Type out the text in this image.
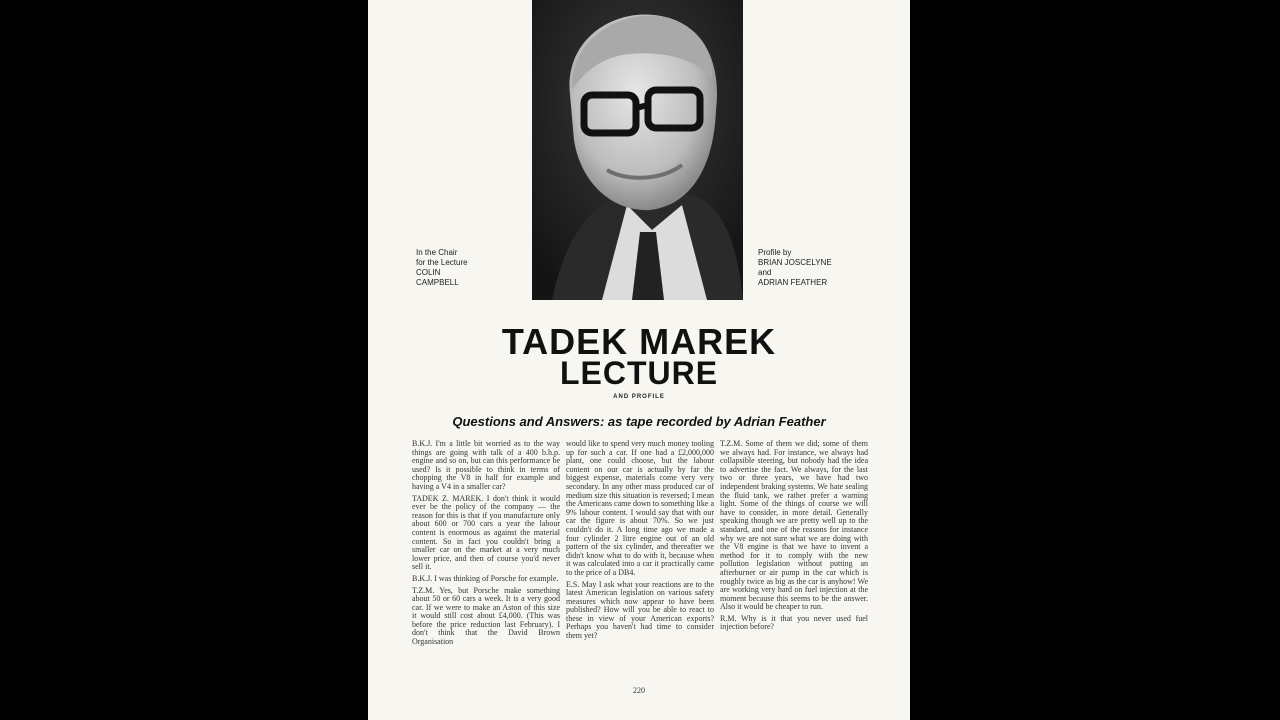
In the Chair
for the Lecture
COLIN
CAMPBELL
Profile by
BRIAN JOSCELYNE
and
ADRIAN FEATHER
TADEK MAREK
LECTURE
AND PROFILE
Questions and Answers: as tape recorded by Adrian Feather

B.K.J. I'm a little bit worried as to the way things are going with talk of a 400 b.h.p. engine and so on, but can this performance be used? Is it possible to think in terms of chopping the V8 in half for example and having a V4 in a smaller car?

TADEK Z. MAREK. I don't think it would ever be the policy of the company — the reason for this is that if you manufacture only about 600 or 700 cars a year the labour content is enormous as against the material content. So in fact you couldn't bring a smaller car on the market at a very much lower price, and then of course you'd never sell it.

B.K.J. I was thinking of Porsche for example.

T.Z.M. Yes, but Porsche make something about 50 or 60 cars a week. It is a very good car. If we were to make an Aston of this size it would still cost about £4,000. (This was before the price reduction last February). I don't think that the David Brown Organisation

would like to spend very much money tooling up for such a car. If one had a £2,000,000 plant, one could choose, but the labour content on our car is actually by far the biggest expense, materials come very very secondary. In any other mass produced car of medium size this situation is reversed; I mean the Americans came down to something like a 9% labour content. I would say that with our car the figure is about 70%. So we just couldn't do it. A long time ago we made a four cylinder 2 litre engine out of an old pattern of the six cylinder, and thereafter we didn't know what to do with it, because when it was calculated into a car it practically came to the price of a DB4.

E.S. May I ask what your reactions are to the latest American legislation on various safety measures which now appear to have been published? How will you be able to react to these in view of your American exports? Perhaps you haven't had time to consider them yet?

T.Z.M. Some of them we did; some of them we always had. For instance, we always had collapsible steering, but nobody had the idea to advertise the fact. We always, for the last two or three years, we have had two independent braking systems. We hate sealing the fluid tank, we rather prefer a warning light. Some of the things of course we will have to consider, in more detail. Generally speaking though we are pretty well up to the standard, and one of the reasons for instance why we are not sure what we are doing with the V8 engine is that we have to invent a method for it to comply with the new pollution legislation without putting an afterburner or air pump in the car which is roughly twice as big as the car is anyhow! We are working very hard on fuel injection at the moment because this seems to be the answer. Also it would be cheaper to run.

R.M. Why is it that you never used fuel injection before?

220
